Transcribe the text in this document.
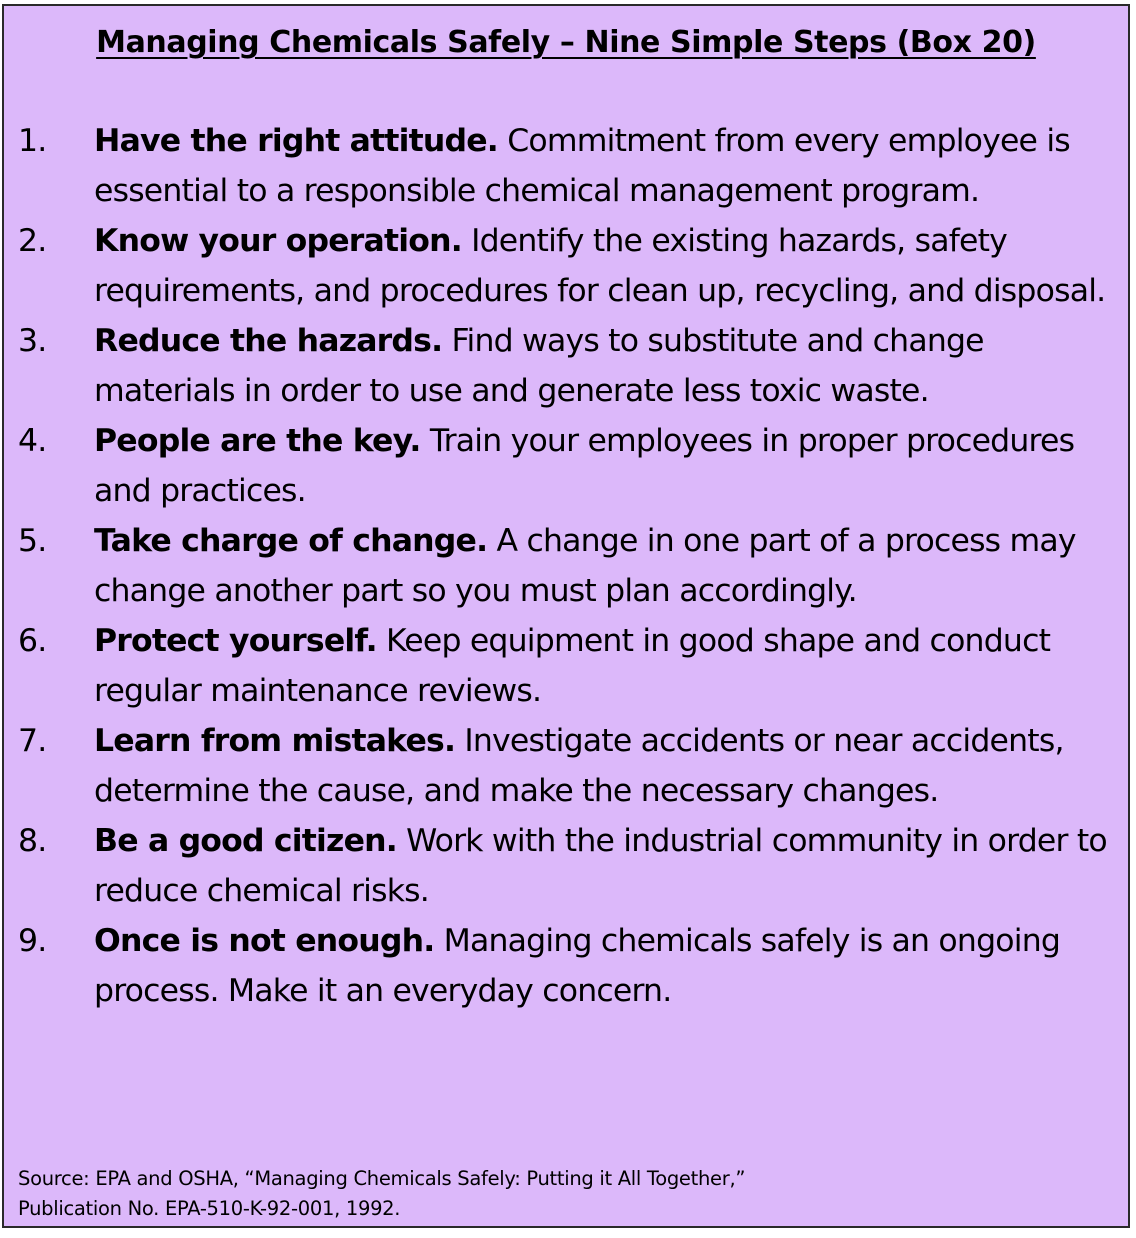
Managing Chemicals Safely – Nine Simple Steps (Box 20)
1.	Have the right attitude. Commitment from every employee is essential to a responsible chemical management program.
2.	Know your operation. Identify the existing hazards, safety requirements, and procedures for clean up, recycling, and disposal.
3.	Reduce the hazards. Find ways to substitute and change materials in order to use and generate less toxic waste.
4.	People are the key. Train your employees in proper procedures and practices.
5.	Take charge of change. A change in one part of a process may change another part so you must plan accordingly.
6.	Protect yourself. Keep equipment in good shape and conduct regular maintenance reviews.
7.	Learn from mistakes. Investigate accidents or near accidents, determine the cause, and make the necessary changes.
8.	Be a good citizen. Work with the industrial community in order to reduce chemical risks.
9.	Once is not enough. Managing chemicals safely is an ongoing process. Make it an everyday concern.
Source: EPA and OSHA, “Managing Chemicals Safely: Putting it All Together,”
Publication No. EPA-510-K-92-001, 1992.
